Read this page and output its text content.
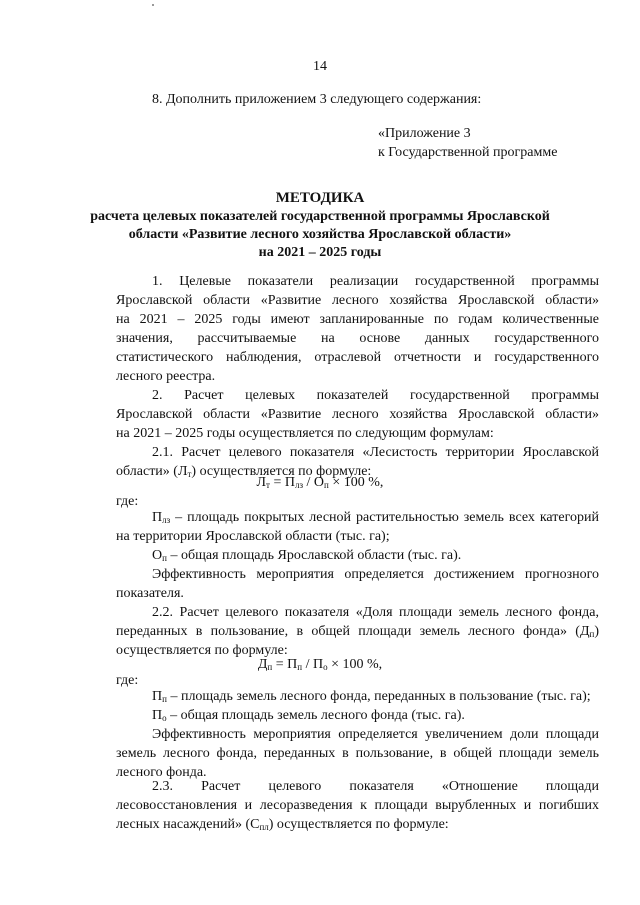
14
8. Дополнить приложением 3 следующего содержания:
«Приложение 3
к Государственной программе
МЕТОДИКА
расчета целевых показателей государственной программы Ярославской
области «Развитие лесного хозяйства Ярославской области»
на 2021 – 2025 годы
1. Целевые показатели реализации государственной программы
Ярославской области «Развитие лесного хозяйства Ярославской области»
на 2021 – 2025 годы имеют запланированные по годам количественные
значения, рассчитываемые на основе данных государственного
статистического наблюдения, отраслевой отчетности и государственного
лесного реестра.
2. Расчет целевых показателей государственной программы
Ярославской области «Развитие лесного хозяйства Ярославской области»
на 2021 – 2025 годы осуществляется по следующим формулам:
2.1. Расчет целевого показателя «Лесистость территории Ярославской
области» $(Л_т)$ осуществляется по формуле:
$Л_т = П_{лз} / О_п \times 100$ %,
где:
$П_{лз}$ – площадь покрытых лесной растительностью земель всех категорий
на территории Ярославской области (тыс. га);
$О_п$ – общая площадь Ярославской области (тыс. га).
Эффективность мероприятия определяется достижением прогнозного
показателя.
2.2. Расчет целевого показателя «Доля площади земель лесного фонда,
переданных в пользование, в общей площади земель лесного фонда» $(Д_п)$
осуществляется по формуле:
$Д_п = П_п / П_о \times 100$ %,
где:
$П_п$ – площадь земель лесного фонда, переданных в пользование (тыс. га);
$П_о$ – общая площадь земель лесного фонда (тыс. га).
Эффективность мероприятия определяется увеличением доли площади
земель лесного фонда, переданных в пользование, в общей площади земель
лесного фонда.
2.3. Расчет целевого показателя «Отношение площади
лесовосстановления и лесоразведения к площади вырубленных и погибших
лесных насаждений» $(С_{пл})$ осуществляется по формуле:
